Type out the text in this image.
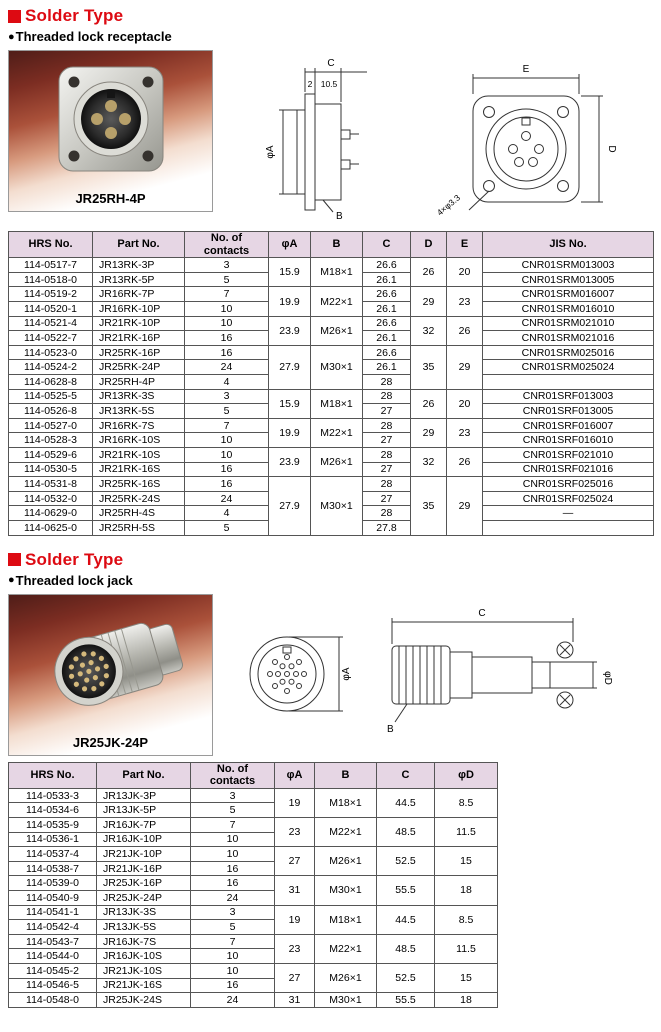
Solder Type
● Threaded lock receptacle
JR25RH-4P
C
2 10.5
φA
B
E
D
4×φ3.3
HRS No.	Part No.	No. of contacts	φA	B	C	D	E	JIS No.
114-0517-7	JR13RK-3P	3	15.9	M18×1	26.6	26	20	CNR01SRM013003
114-0518-0	JR13RK-5P	5			26.1			CNR01SRM013005
114-0519-2	JR16RK-7P	7	19.9	M22×1	26.6	29	23	CNR01SRM016007
114-0520-1	JR16RK-10P	10			26.1			CNR01SRM016010
114-0521-4	JR21RK-10P	10	23.9	M26×1	26.6	32	26	CNR01SRM021010
114-0522-7	JR21RK-16P	16			26.1			CNR01SRM021016
114-0523-0	JR25RK-16P	16	27.9	M30×1	26.6	35	29	CNR01SRM025016
114-0524-2	JR25RK-24P	24			26.1			CNR01SRM025024
114-0628-8	JR25RH-4P	4			28			
114-0525-5	JR13RK-3S	3	15.9	M18×1	28	26	20	CNR01SRF013003
114-0526-8	JR13RK-5S	5			27			CNR01SRF013005
114-0527-0	JR16RK-7S	7	19.9	M22×1	28	29	23	CNR01SRF016007
114-0528-3	JR16RK-10S	10			27			CNR01SRF016010
114-0529-6	JR21RK-10S	10	23.9	M26×1	28	32	26	CNR01SRF021010
114-0530-5	JR21RK-16S	16			27			CNR01SRF021016
114-0531-8	JR25RK-16S	16	27.9	M30×1	28	35	29	CNR01SRF025016
114-0532-0	JR25RK-24S	24			27			CNR01SRF025024
114-0629-0	JR25RH-4S	4			28			—
114-0625-0	JR25RH-5S	5			27.8			
Solder Type
● Threaded lock jack
JR25JK-24P
φA
C
φD
B
HRS No.	Part No.	No. of contacts	φA	B	C	φD
114-0533-3	JR13JK-3P	3	19	M18×1	44.5	8.5
114-0534-6	JR13JK-5P	5				
114-0535-9	JR16JK-7P	7	23	M22×1	48.5	11.5
114-0536-1	JR16JK-10P	10				
114-0537-4	JR21JK-10P	10	27	M26×1	52.5	15
114-0538-7	JR21JK-16P	16				
114-0539-0	JR25JK-16P	16	31	M30×1	55.5	18
114-0540-9	JR25JK-24P	24				
114-0541-1	JR13JK-3S	3	19	M18×1	44.5	8.5
114-0542-4	JR13JK-5S	5				
114-0543-7	JR16JK-7S	7	23	M22×1	48.5	11.5
114-0544-0	JR16JK-10S	10				
114-0545-2	JR21JK-10S	10	27	M26×1	52.5	15
114-0546-5	JR21JK-16S	16				
114-0548-0	JR25JK-24S	24	31	M30×1	55.5	18
